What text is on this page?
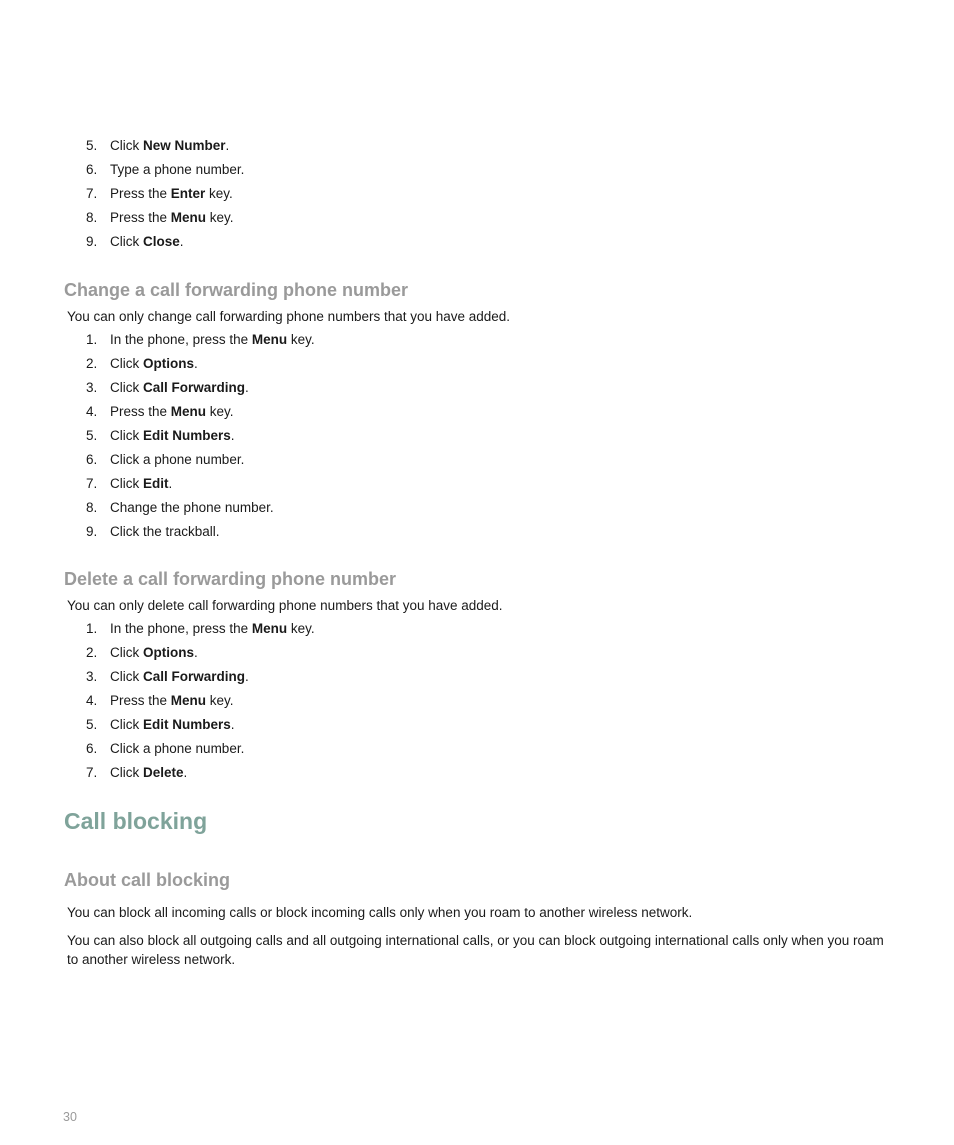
5. Click New Number.
6. Type a phone number.
7. Press the Enter key.
8. Press the Menu key.
9. Click Close.
Change a call forwarding phone number

You can only change call forwarding phone numbers that you have added.

1. In the phone, press the Menu key.
2. Click Options.
3. Click Call Forwarding.
4. Press the Menu key.
5. Click Edit Numbers.
6. Click a phone number.
7. Click Edit.
8. Change the phone number.
9. Click the trackball.
Delete a call forwarding phone number

You can only delete call forwarding phone numbers that you have added.

1. In the phone, press the Menu key.
2. Click Options.
3. Click Call Forwarding.
4. Press the Menu key.
5. Click Edit Numbers.
6. Click a phone number.
7. Click Delete.
Call blocking
About call blocking

You can block all incoming calls or block incoming calls only when you roam to another wireless network.

You can also block all outgoing calls and all outgoing international calls, or you can block outgoing international calls only when you roam to another wireless network.

30
